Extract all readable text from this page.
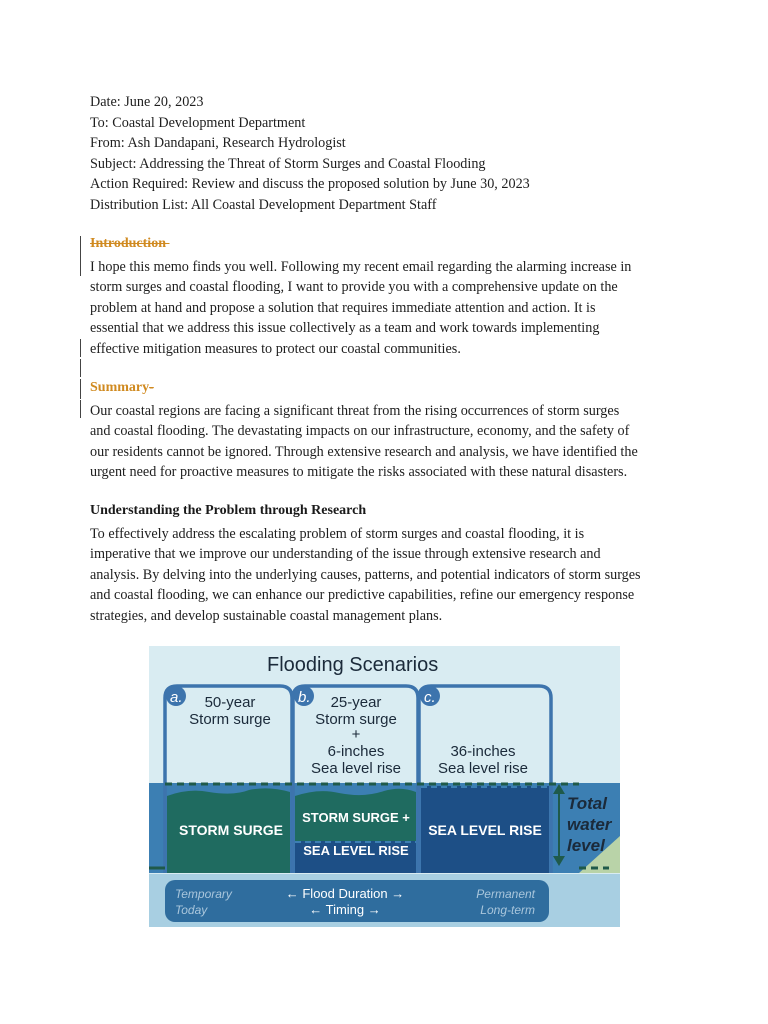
Date: June 20, 2023
To: Coastal Development Department
From: Ash Dandapani, Research Hydrologist
Subject: Addressing the Threat of Storm Surges and Coastal Flooding
Action Required: Review and discuss the proposed solution by June 30, 2023
Distribution List: All Coastal Development Department Staff
Introduction
I hope this memo finds you well. Following my recent email regarding the alarming increase in
storm surges and coastal flooding, I want to provide you with a comprehensive update on the
problem at hand and propose a solution that requires immediate attention and action. It is
essential that we address this issue collectively as a team and work towards implementing
effective mitigation measures to protect our coastal communities.
Summary-
Our coastal regions are facing a significant threat from the rising occurrences of storm surges
and coastal flooding. The devastating impacts on our infrastructure, economy, and the safety of
our residents cannot be ignored. Through extensive research and analysis, we have identified the
urgent need for proactive measures to mitigate the risks associated with these natural disasters.
Understanding the Problem through Research
To effectively address the escalating problem of storm surges and coastal flooding, it is
imperative that we improve our understanding of the issue through extensive research and
analysis. By delving into the underlying causes, patterns, and potential indicators of storm surges
and coastal flooding, we can enhance our predictive capabilities, refine our emergency response
strategies, and develop sustainable coastal management plans.
Flooding Scenarios
a.	b.	c.
50-year
Storm surge
25-year
Storm surge
+
6-inches
Sea level rise
36-inches
Sea level rise
STORM SURGE
STORM SURGE +
SEA LEVEL RISE
SEA LEVEL RISE
Total
water
level
Temporary
Today
← Flood Duration →
← Timing →
Permanent
Long-term
